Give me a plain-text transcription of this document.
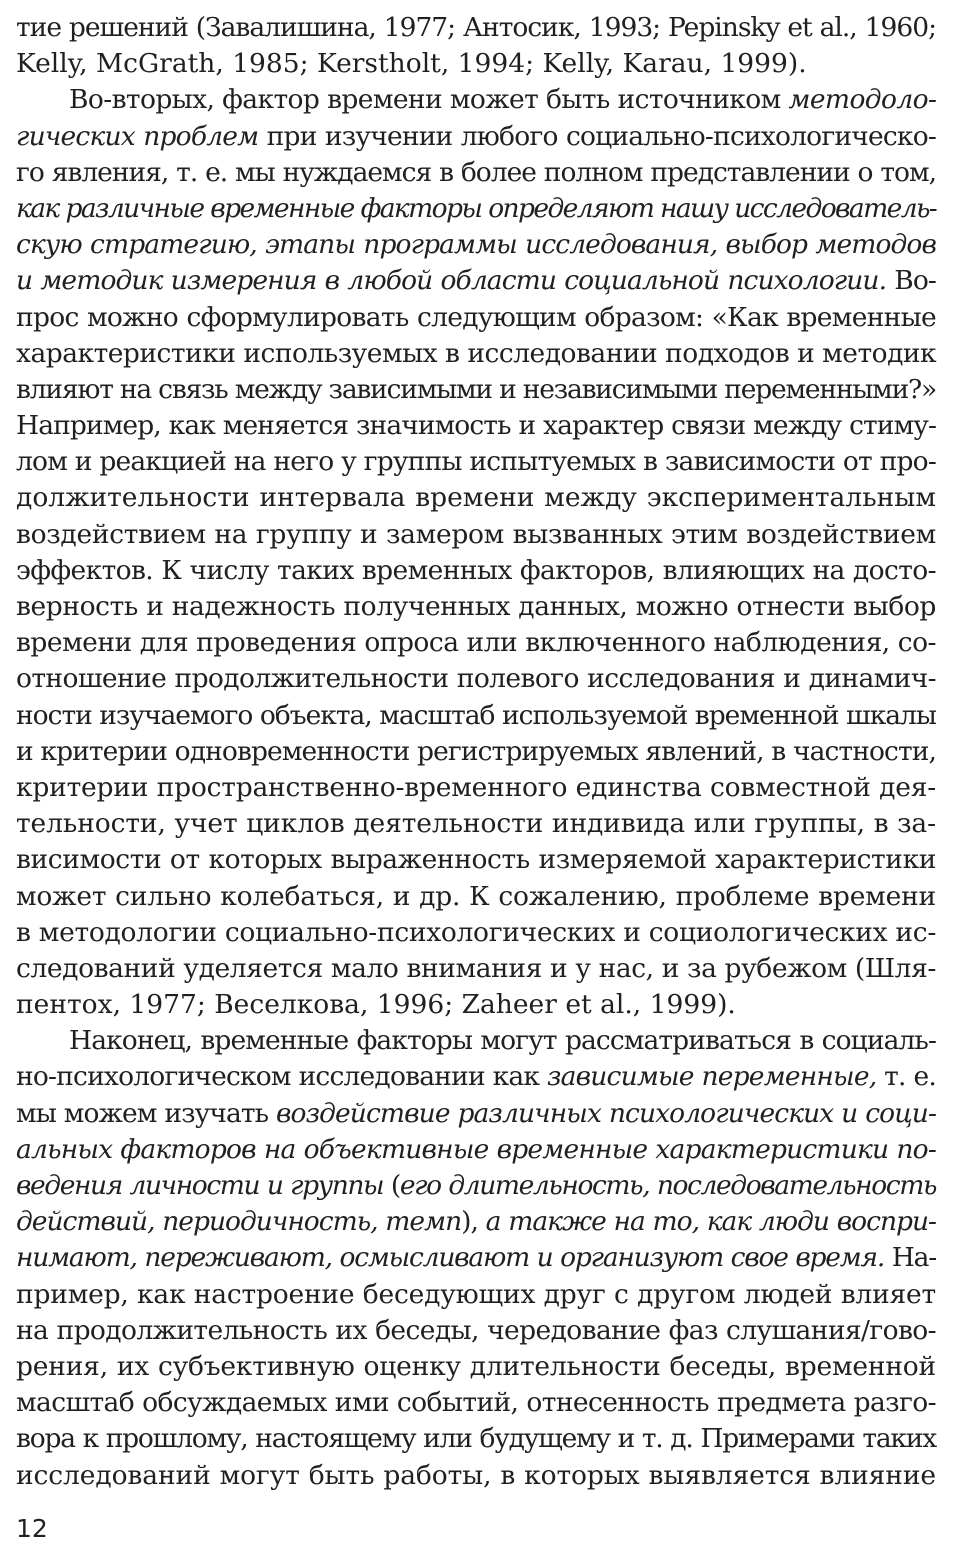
тие решений (Завалишина, 1977; Антосик, 1993; Pepinsky et al., 1960;
Kelly, McGrath, 1985; Kerstholt, 1994; Kelly, Karau, 1999).
Во-вторых, фактор времени может быть источником методоло-
гических проблем при изучении любого социально-психологическо-
го явления, т. е. мы нуждаемся в более полном представлении о том,
как различные временные факторы определяют нашу исследователь-
скую стратегию, этапы программы исследования, выбор методов
и методик измерения в любой области социальной психологии. Во-
прос можно сформулировать следующим образом: «Как временные
характеристики используемых в исследовании подходов и методик
влияют на связь между зависимыми и независимыми переменными?»
Например, как меняется значимость и характер связи между стиму-
лом и реакцией на него у группы испытуемых в зависимости от про-
должительности интервала времени между экспериментальным
воздействием на группу и замером вызванных этим воздействием
эффектов. К числу таких временных факторов, влияющих на досто-
верность и надежность полученных данных, можно отнести выбор
времени для проведения опроса или включенного наблюдения, со-
отношение продолжительности полевого исследования и динамич-
ности изучаемого объекта, масштаб используемой временной шкалы
и критерии одновременности регистрируемых явлений, в частности,
критерии пространственно-временного единства совместной дея-
тельности, учет циклов деятельности индивида или группы, в за-
висимости от которых выраженность измеряемой характеристики
может сильно колебаться, и др. К сожалению, проблеме времени
в методологии социально-психологических и социологических ис-
следований уделяется мало внимания и у нас, и за рубежом (Шля-
пентох, 1977; Веселкова, 1996; Zaheer et al., 1999).
Наконец, временные факторы могут рассматриваться в социаль-
но-психологическом исследовании как зависимые переменные, т. е.
мы можем изучать воздействие различных психологических и соци-
альных факторов на объективные временные характеристики по-
ведения личности и группы (его длительность, последовательность
действий, периодичность, темп), а также на то, как люди воспри-
нимают, переживают, осмысливают и организуют свое время. На-
пример, как настроение беседующих друг с другом людей влияет
на продолжительность их беседы, чередование фаз слушания/гово-
рения, их субъективную оценку длительности беседы, временной
масштаб обсуждаемых ими событий, отнесенность предмета разго-
вора к прошлому, настоящему или будущему и т. д. Примерами таких
исследований могут быть работы, в которых выявляется влияние
12
